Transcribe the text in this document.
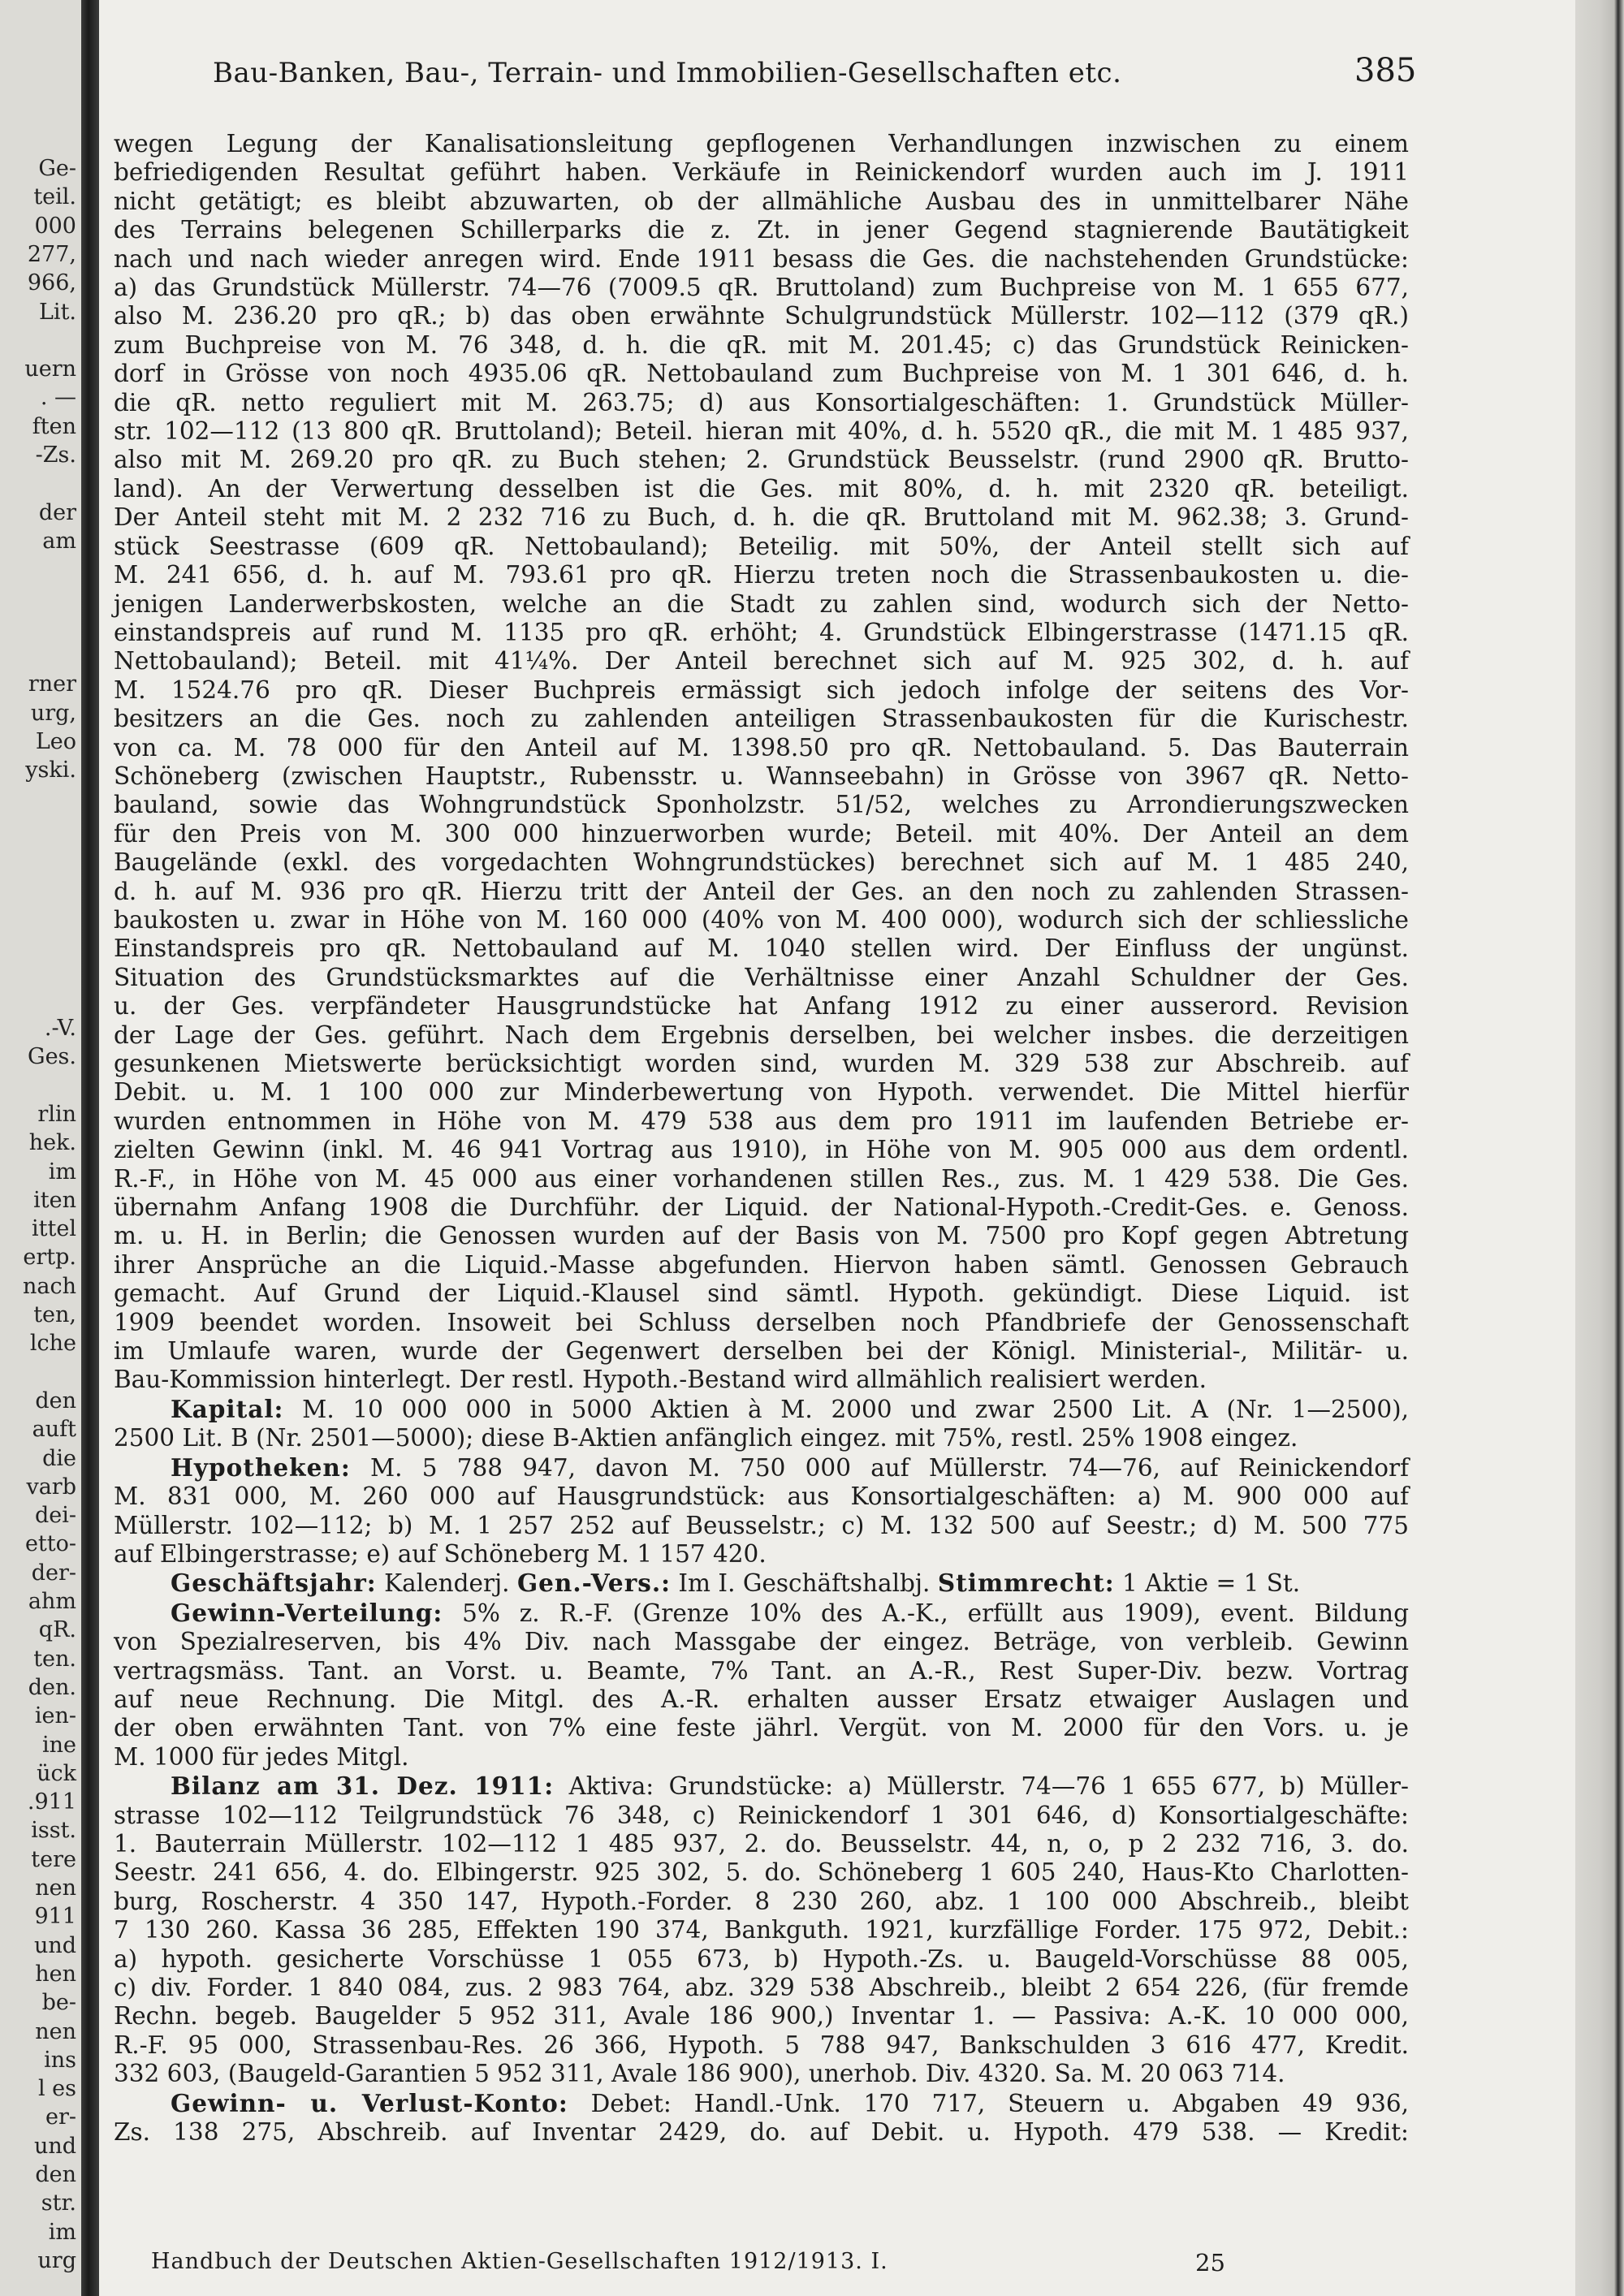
Ge-
teil.
000
277,
966,
Lit.
uern
. —
ften
-Zs.
der
am
rner
urg,
Leo
yski.
.-V.
Ges.
rlin
hek.
im
iten
ittel
ertp.
nach
ten,
lche
den
auft
die
varb
dei-
etto-
der-
ahm
qR.
ten.
den.
ien-
ine
ück
.911
isst.
tere
nen
911
und
hen
be-
nen
ins
l es
er-
und
den
str.
im
urg
Bau-Banken, Bau-, Terrain- und Immobilien-Gesellschaften etc.	385

wegen Legung der Kanalisationsleitung gepflogenen Verhandlungen inzwischen zu einem

befriedigenden Resultat geführt haben. Verkäufe in Reinickendorf wurden auch im J. 1911

nicht getätigt; es bleibt abzuwarten, ob der allmähliche Ausbau des in unmittelbarer Nähe

des Terrains belegenen Schillerparks die z. Zt. in jener Gegend stagnierende Bautätigkeit

nach und nach wieder anregen wird. Ende 1911 besass die Ges. die nachstehenden Grundstücke:

a) das Grundstück Müllerstr. 74—76 (7009.5 qR. Bruttoland) zum Buchpreise von M. 1 655 677,

also M. 236.20 pro qR.; b) das oben erwähnte Schulgrundstück Müllerstr. 102—112 (379 qR.)

zum Buchpreise von M. 76 348, d. h. die qR. mit M. 201.45; c) das Grundstück Reinicken-

dorf in Grösse von noch 4935.06 qR. Nettobauland zum Buchpreise von M. 1 301 646, d. h.

die qR. netto reguliert mit M. 263.75; d) aus Konsortialgeschäften: 1. Grundstück Müller-

str. 102—112 (13 800 qR. Bruttoland); Beteil. hieran mit 40%, d. h. 5520 qR., die mit M. 1 485 937,

also mit M. 269.20 pro qR. zu Buch stehen; 2. Grundstück Beusselstr. (rund 2900 qR. Brutto-

land). An der Verwertung desselben ist die Ges. mit 80%, d. h. mit 2320 qR. beteiligt.

Der Anteil steht mit M. 2 232 716 zu Buch, d. h. die qR. Bruttoland mit M. 962.38; 3. Grund-

stück Seestrasse (609 qR. Nettobauland); Beteilig. mit 50%, der Anteil stellt sich auf

M. 241 656, d. h. auf M. 793.61 pro qR. Hierzu treten noch die Strassenbaukosten u. die-

jenigen Landerwerbskosten, welche an die Stadt zu zahlen sind, wodurch sich der Netto-

einstandspreis auf rund M. 1135 pro qR. erhöht; 4. Grundstück Elbingerstrasse (1471.15 qR.

Nettobauland); Beteil. mit 41¼%. Der Anteil berechnet sich auf M. 925 302, d. h. auf

M. 1524.76 pro qR. Dieser Buchpreis ermässigt sich jedoch infolge der seitens des Vor-

besitzers an die Ges. noch zu zahlenden anteiligen Strassenbaukosten für die Kurischestr.

von ca. M. 78 000 für den Anteil auf M. 1398.50 pro qR. Nettobauland. 5. Das Bauterrain

Schöneberg (zwischen Hauptstr., Rubensstr. u. Wannseebahn) in Grösse von 3967 qR. Netto-

bauland, sowie das Wohngrundstück Sponholzstr. 51/52, welches zu Arrondierungszwecken

für den Preis von M. 300 000 hinzuerworben wurde; Beteil. mit 40%. Der Anteil an dem

Baugelände (exkl. des vorgedachten Wohngrundstückes) berechnet sich auf M. 1 485 240,

d. h. auf M. 936 pro qR. Hierzu tritt der Anteil der Ges. an den noch zu zahlenden Strassen-

baukosten u. zwar in Höhe von M. 160 000 (40% von M. 400 000), wodurch sich der schliessliche

Einstandspreis pro qR. Nettobauland auf M. 1040 stellen wird. Der Einfluss der ungünst.

Situation des Grundstücksmarktes auf die Verhältnisse einer Anzahl Schuldner der Ges.

u. der Ges. verpfändeter Hausgrundstücke hat Anfang 1912 zu einer ausserord. Revision

der Lage der Ges. geführt. Nach dem Ergebnis derselben, bei welcher insbes. die derzeitigen

gesunkenen Mietswerte berücksichtigt worden sind, wurden M. 329 538 zur Abschreib. auf

Debit. u. M. 1 100 000 zur Minderbewertung von Hypoth. verwendet. Die Mittel hierfür

wurden entnommen in Höhe von M. 479 538 aus dem pro 1911 im laufenden Betriebe er-

zielten Gewinn (inkl. M. 46 941 Vortrag aus 1910), in Höhe von M. 905 000 aus dem ordentl.

R.-F., in Höhe von M. 45 000 aus einer vorhandenen stillen Res., zus. M. 1 429 538. Die Ges.

übernahm Anfang 1908 die Durchführ. der Liquid. der National-Hypoth.-Credit-Ges. e. Genoss.

m. u. H. in Berlin; die Genossen wurden auf der Basis von M. 7500 pro Kopf gegen Abtretung

ihrer Ansprüche an die Liquid.-Masse abgefunden. Hiervon haben sämtl. Genossen Gebrauch

gemacht. Auf Grund der Liquid.-Klausel sind sämtl. Hypoth. gekündigt. Diese Liquid. ist

1909 beendet worden. Insoweit bei Schluss derselben noch Pfandbriefe der Genossenschaft

im Umlaufe waren, wurde der Gegenwert derselben bei der Königl. Ministerial-, Militär- u.

Bau-Kommission hinterlegt. Der restl. Hypoth.-Bestand wird allmählich realisiert werden.

Kapital: M. 10 000 000 in 5000 Aktien à M. 2000 und zwar 2500 Lit. A (Nr. 1—2500),

2500 Lit. B (Nr. 2501—5000); diese B-Aktien anfänglich eingez. mit 75%, restl. 25% 1908 eingez.

Hypotheken: M. 5 788 947, davon M. 750 000 auf Müllerstr. 74—76, auf Reinickendorf

M. 831 000, M. 260 000 auf Hausgrundstück: aus Konsortialgeschäften: a) M. 900 000 auf

Müllerstr. 102—112; b) M. 1 257 252 auf Beusselstr.; c) M. 132 500 auf Seestr.; d) M. 500 775

auf Elbingerstrasse; e) auf Schöneberg M. 1 157 420.

Geschäftsjahr: Kalenderj. Gen.-Vers.: Im I. Geschäftshalbj. Stimmrecht: 1 Aktie = 1 St.

Gewinn-Verteilung: 5% z. R.-F. (Grenze 10% des A.-K., erfüllt aus 1909), event. Bildung

von Spezialreserven, bis 4% Div. nach Massgabe der eingez. Beträge, von verbleib. Gewinn

vertragsmäss. Tant. an Vorst. u. Beamte, 7% Tant. an A.-R., Rest Super-Div. bezw. Vortrag

auf neue Rechnung. Die Mitgl. des A.-R. erhalten ausser Ersatz etwaiger Auslagen und

der oben erwähnten Tant. von 7% eine feste jährl. Vergüt. von M. 2000 für den Vors. u. je

M. 1000 für jedes Mitgl.

Bilanz am 31. Dez. 1911: Aktiva: Grundstücke: a) Müllerstr. 74—76 1 655 677, b) Müller-

strasse 102—112 Teilgrundstück 76 348, c) Reinickendorf 1 301 646, d) Konsortialgeschäfte:

1. Bauterrain Müllerstr. 102—112 1 485 937, 2. do. Beusselstr. 44, n, o, p 2 232 716, 3. do.

Seestr. 241 656, 4. do. Elbingerstr. 925 302, 5. do. Schöneberg 1 605 240, Haus-Kto Charlotten-

burg, Roscherstr. 4 350 147, Hypoth.-Forder. 8 230 260, abz. 1 100 000 Abschreib., bleibt

7 130 260. Kassa 36 285, Effekten 190 374, Bankguth. 1921, kurzfällige Forder. 175 972, Debit.:

a) hypoth. gesicherte Vorschüsse 1 055 673, b) Hypoth.-Zs. u. Baugeld-Vorschüsse 88 005,

c) div. Forder. 1 840 084, zus. 2 983 764, abz. 329 538 Abschreib., bleibt 2 654 226, (für fremde

Rechn. begeb. Baugelder 5 952 311, Avale 186 900,) Inventar 1. — Passiva: A.-K. 10 000 000,

R.-F. 95 000, Strassenbau-Res. 26 366, Hypoth. 5 788 947, Bankschulden 3 616 477, Kredit.

332 603, (Baugeld-Garantien 5 952 311, Avale 186 900), unerhob. Div. 4320. Sa. M. 20 063 714.

Gewinn- u. Verlust-Konto: Debet: Handl.-Unk. 170 717, Steuern u. Abgaben 49 936,

Zs. 138 275, Abschreib. auf Inventar 2429, do. auf Debit. u. Hypoth. 479 538. — Kredit:

Handbuch der Deutschen Aktien-Gesellschaften 1912/1913. I.	25
